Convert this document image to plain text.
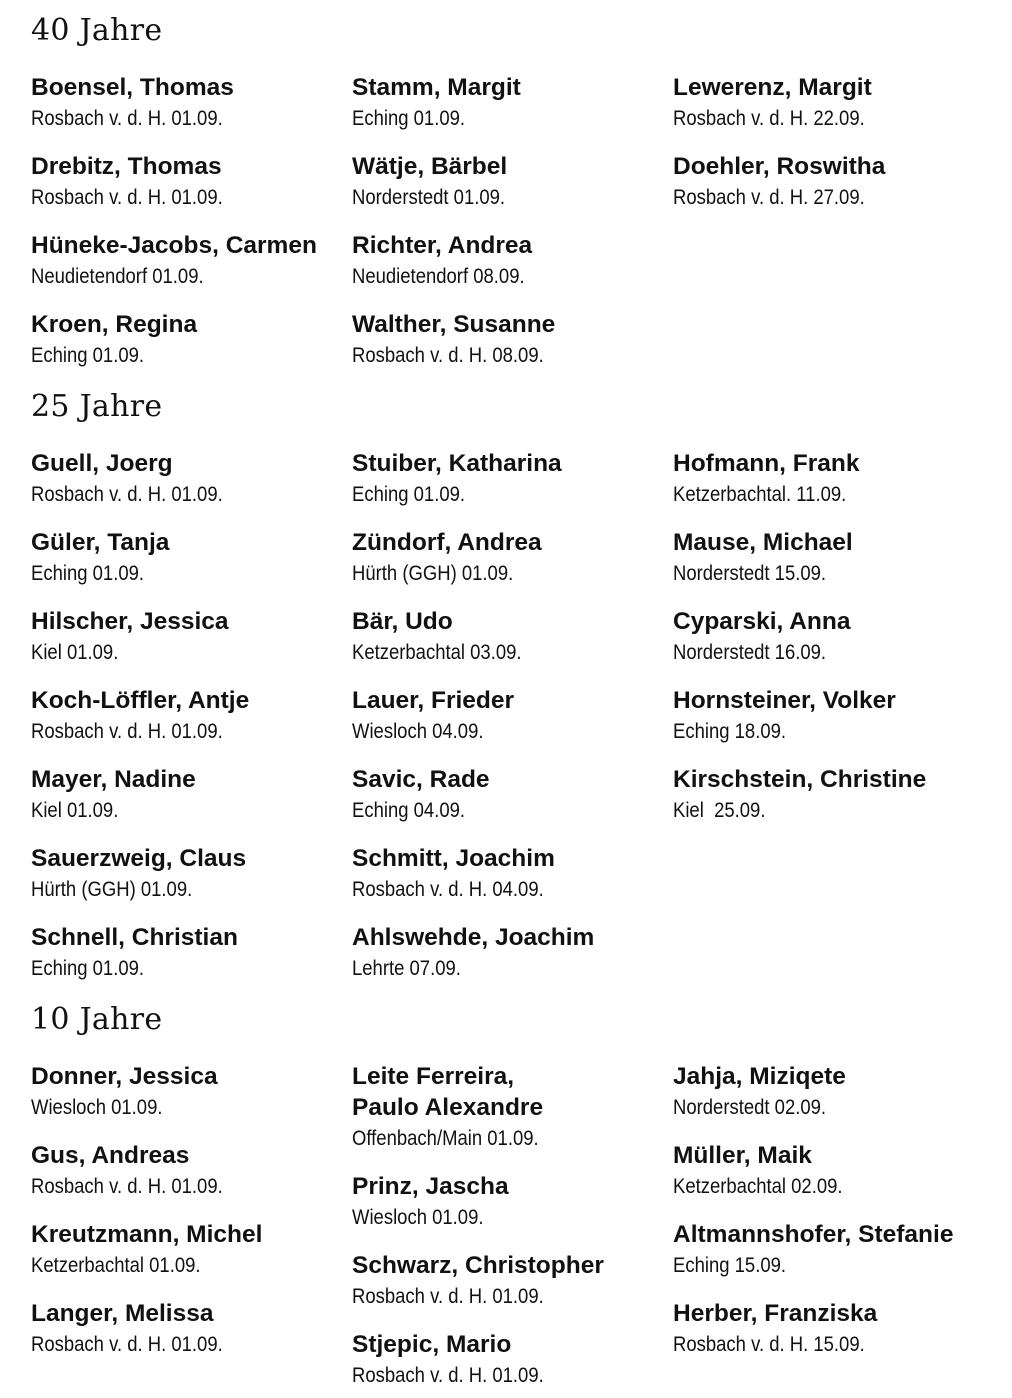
40 Jahre
Boensel, Thomas
Rosbach v. d. H. 01.09.
Drebitz, Thomas
Rosbach v. d. H. 01.09.
Hüneke-Jacobs, Carmen
Neudietendorf 01.09.
Kroen, Regina
Eching 01.09.
Stamm, Margit
Eching 01.09.
Wätje, Bärbel
Norderstedt 01.09.
Richter, Andrea
Neudietendorf 08.09.
Walther, Susanne
Rosbach v. d. H. 08.09.
Lewerenz, Margit
Rosbach v. d. H. 22.09.
Doehler, Roswitha
Rosbach v. d. H. 27.09.
25 Jahre
Guell, Joerg
Rosbach v. d. H. 01.09.
Güler, Tanja
Eching 01.09.
Hilscher, Jessica
Kiel 01.09.
Koch-Löffler, Antje
Rosbach v. d. H. 01.09.
Mayer, Nadine
Kiel 01.09.
Sauerzweig, Claus
Hürth (GGH) 01.09.
Schnell, Christian
Eching 01.09.
Stuiber, Katharina
Eching 01.09.
Zündorf, Andrea
Hürth (GGH) 01.09.
Bär, Udo
Ketzerbachtal 03.09.
Lauer, Frieder
Wiesloch 04.09.
Savic, Rade
Eching 04.09.
Schmitt, Joachim
Rosbach v. d. H. 04.09.
Ahlswehde, Joachim
Lehrte 07.09.
Hofmann, Frank
Ketzerbachtal. 11.09.
Mause, Michael
Norderstedt 15.09.
Cyparski, Anna
Norderstedt 16.09.
Hornsteiner, Volker
Eching 18.09.
Kirschstein, Christine
Kiel  25.09.
10 Jahre
Donner, Jessica
Wiesloch 01.09.
Gus, Andreas
Rosbach v. d. H. 01.09.
Kreutzmann, Michel
Ketzerbachtal 01.09.
Langer, Melissa
Rosbach v. d. H. 01.09.
Leite Ferreira,
Paulo Alexandre
Offenbach/Main 01.09.
Prinz, Jascha
Wiesloch 01.09.
Schwarz, Christopher
Rosbach v. d. H. 01.09.
Stjepic, Mario
Rosbach v. d. H. 01.09.
Jahja, Miziqete
Norderstedt 02.09.
Müller, Maik
Ketzerbachtal 02.09.
Altmannshofer, Stefanie
Eching 15.09.
Herber, Franziska
Rosbach v. d. H. 15.09.
